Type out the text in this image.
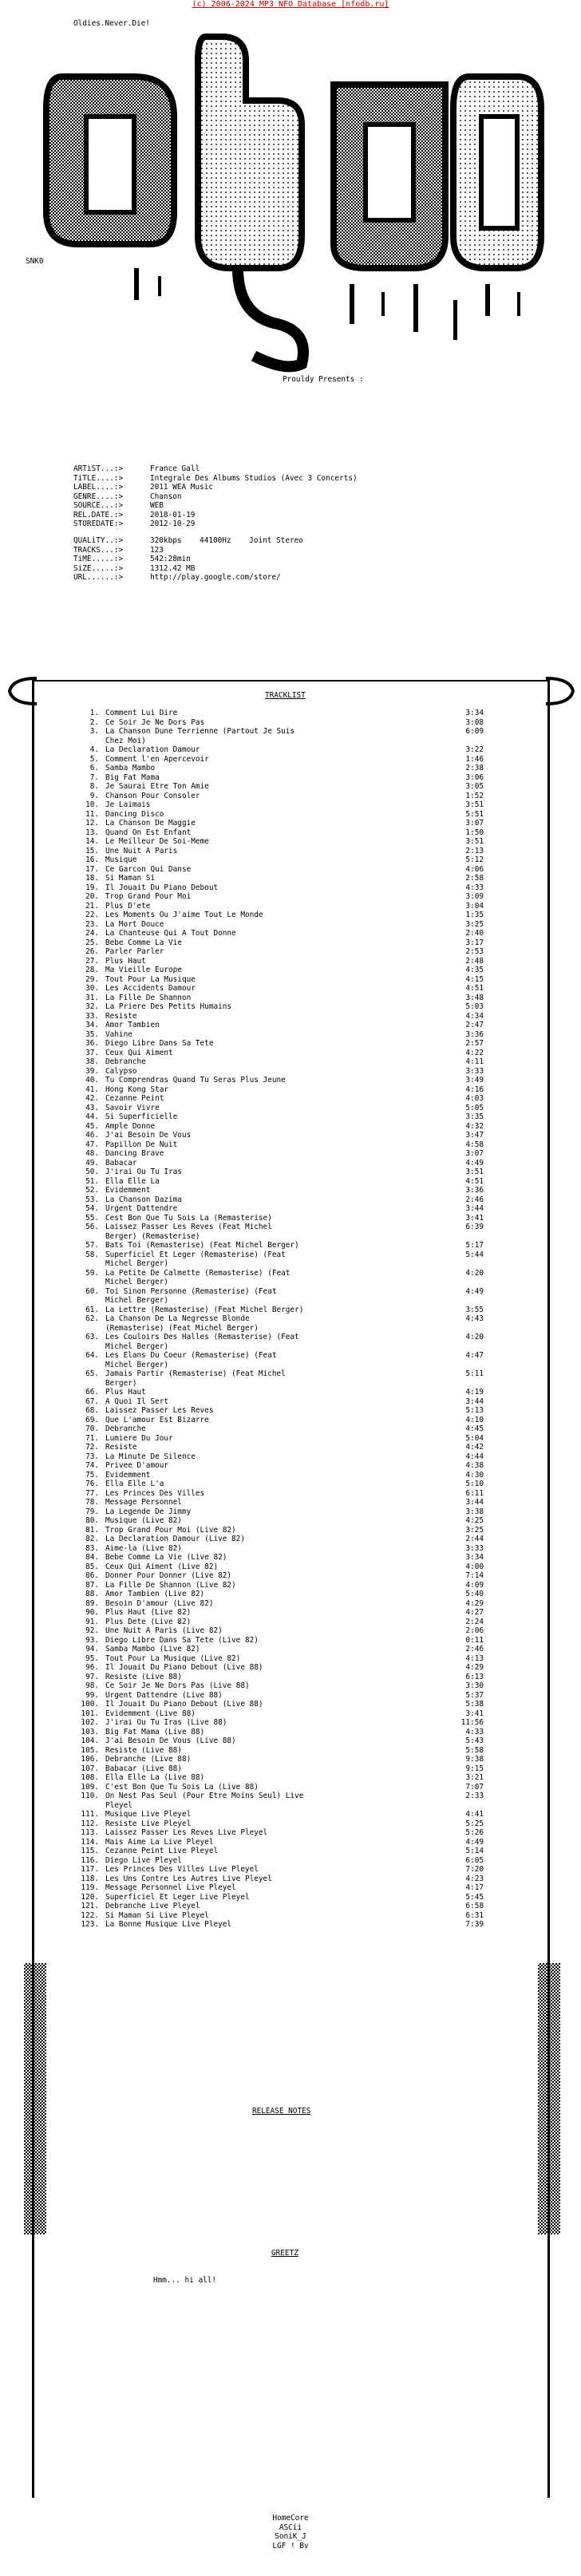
(c) 2006-2024 MP3 NFO Database [nfodb.ru]
Oldies.Never.Die!
SNK0
Prouldy Presents :
ARTiST...:>	France Gall
TiTLE....:>	Integrale Des Albums Studios (Avec 3 Concerts)
LABEL....:>	2011 WEA Music
GENRE....:>	Chanson
SOURCE...:>	WEB
REL.DATE.:>	2018-01-19
STOREDATE:>	2012-10-29
QUALiTY..:>	320kbps    44100Hz    Joint Stereo
TRACKS...:>	123
TiME.....:>	542:28min
SiZE.....:>	1312.42 MB
URL......:>	http://play.google.com/store/
TRACKLIST
1. Comment Lui Dire	3:34
2. Ce Soir Je Ne Dors Pas	3:08
3. La Chanson Dune Terrienne (Partout Je Suis	6:09
Chez Moi)
4. La Declaration Damour	3:22
5. Comment l'en Apercevoir	1:46
6. Samba Mambo	2:38
7. Big Fat Mama	3:06
8. Je Saurai Etre Ton Amie	3:05
9. Chanson Pour Consoler	1:52
10. Je Laimais	3:51
11. Dancing Disco	5:51
12. La Chanson De Maggie	3:07
13. Quand On Est Enfant	1:50
14. Le Meilleur De Soi-Meme	3:51
15. Une Nuit A Paris	2:13
16. Musique	5:12
17. Ce Garcon Qui Danse	4:06
18. Si Maman Si	2:58
19. Il Jouait Du Piano Debout	4:33
20. Trop Grand Pour Moi	3:09
21. Plus D'ete	3:04
22. Les Moments Ou J'aime Tout Le Monde	1:35
23. La Mort Douce	3:25
24. La Chanteuse Qui A Tout Donne	2:40
25. Bebe Comme La Vie	3:17
26. Parler Parler	2:53
27. Plus Haut	2:48
28. Ma Vieille Europe	4:35
29. Tout Pour La Musique	4:15
30. Les Accidents Damour	4:51
31. La Fille De Shannon	3:48
32. La Priere Des Petits Humains	5:03
33. Resiste	4:34
34. Amor Tambien	2:47
35. Vahine	3:36
36. Diego Libre Dans Sa Tete	2:57
37. Ceux Qui Aiment	4:22
38. Debranche	4:11
39. Calypso	3:33
40. Tu Comprendras Quand Tu Seras Plus Jeune	3:49
41. Hong Kong Star	4:16
42. Cezanne Peint	4:03
43. Savoir Vivre	5:05
44. Si Superficielle	3:35
45. Ample Donne	4:32
46. J'ai Besoin De Vous	3:47
47. Papillon De Nuit	4:58
48. Dancing Brave	3:07
49. Babacar	4:49
50. J'irai Ou Tu Iras	3:51
51. Ella Elle La	4:51
52. Evidemment	3:36
53. La Chanson Dazima	2:46
54. Urgent Dattendre	3:44
55. Cest Bon Que Tu Sois La (Remasterise)	3:41
56. Laissez Passer Les Reves (Feat Michel	6:39
Berger) (Remasterise)
57. Bats Toi (Remasterise) (Feat Michel Berger)	5:17
58. Superficiel Et Leger (Remasterise) (Feat	5:44
Michel Berger)
59. La Petite De Calmette (Remasterise) (Feat	4:20
Michel Berger)
60. Toi Sinon Personne (Remasterise) (Feat	4:49
Michel Berger)
61. La Lettre (Remasterise) (Feat Michel Berger)	3:55
62. La Chanson De La Negresse Blonde	4:43
(Remasterise) (Feat Michel Berger)
63. Les Couloirs Des Halles (Remasterise) (Feat	4:20
Michel Berger)
64. Les Elans Du Coeur (Remasterise) (Feat	4:47
Michel Berger)
65. Jamais Partir (Remasterise) (Feat Michel	5:11
Berger)
66. Plus Haut	4:19
67. A Quoi Il Sert	3:44
68. Laissez Passer Les Reves	5:13
69. Que L'amour Est Bizarre	4:10
70. Debranche	4:45
71. Lumiere Du Jour	5:04
72. Resiste	4:42
73. La Minute De Silence	4:44
74. Privee D'amour	4:38
75. Evidemment	4:30
76. Ella Elle L'a	5:10
77. Les Princes Des Villes	6:11
78. Message Personnel	3:44
79. La Legende De Jimmy	3:38
80. Musique (Live 82)	4:25
81. Trop Grand Pour Moi (Live 82)	3:25
82. La Declaration Damour (Live 82)	2:44
83. Aime-la (Live 82)	3:33
84. Bebe Comme La Vie (Live 82)	3:34
85. Ceux Qui Aiment (Live 82)	4:00
86. Donner Pour Donner (Live 82)	7:14
87. La Fille De Shannon (Live 82)	4:09
88. Amor Tambien (Live 82)	5:40
89. Besoin D'amour (Live 82)	4:29
90. Plus Haut (Live 82)	4:27
91. Plus Dete (Live 82)	2:24
92. Une Nuit A Paris (Live 82)	2:06
93. Diego Libre Dans Sa Tete (Live 82)	0:11
94. Samba Mambo (Live 82)	2:46
95. Tout Pour La Musique (Live 82)	4:13
96. Il Jouait Du Piano Debout (Live 88)	4:29
97. Resiste (Live 88)	6:13
98. Ce Soir Je Ne Dors Pas (Live 88)	3:30
99. Urgent Dattendre (Live 88)	5:37
100. Il Jouait Du Piano Debout (Live 88)	5:38
101. Evidemment (Live 88)	3:41
102. J'irai Ou Tu Iras (Live 88)	11:56
103. Big Fat Mama (Live 88)	4:33
104. J'ai Besoin De Vous (Live 88)	5:43
105. Resiste (Live 88)	5:58
106. Debranche (Live 88)	9:38
107. Babacar (Live 88)	9:15
108. Ella Elle La (Live 88)	3:21
109. C'est Bon Que Tu Sois La (Live 88)	7:07
110. On Nest Pas Seul (Pour Etre Moins Seul) Live	2:33
Pleyel
111. Musique Live Pleyel	4:41
112. Resiste Live Pleyel	5:25
113. Laissez Passer Les Reves Live Pleyel	5:26
114. Mais Aime La Live Pleyel	4:49
115. Cezanne Peint Live Pleyel	5:14
116. Diego Live Pleyel	6:05
117. Les Princes Des Villes Live Pleyel	7:20
118. Les Uns Contre Les Autres Live Pleyel	4:23
119. Message Personnel Live Pleyel	4:17
120. Superficiel Et Leger Live Pleyel	5:45
121. Debranche Live Pleyel	6:58
122. Si Maman Si Live Pleyel	6:31
123. La Bonne Musique Live Pleyel	7:39
RELEASE NOTES
GREETZ
Hmm... hi all!
HomeCore
ASCii
SoniK_J
LGF ! Bv
